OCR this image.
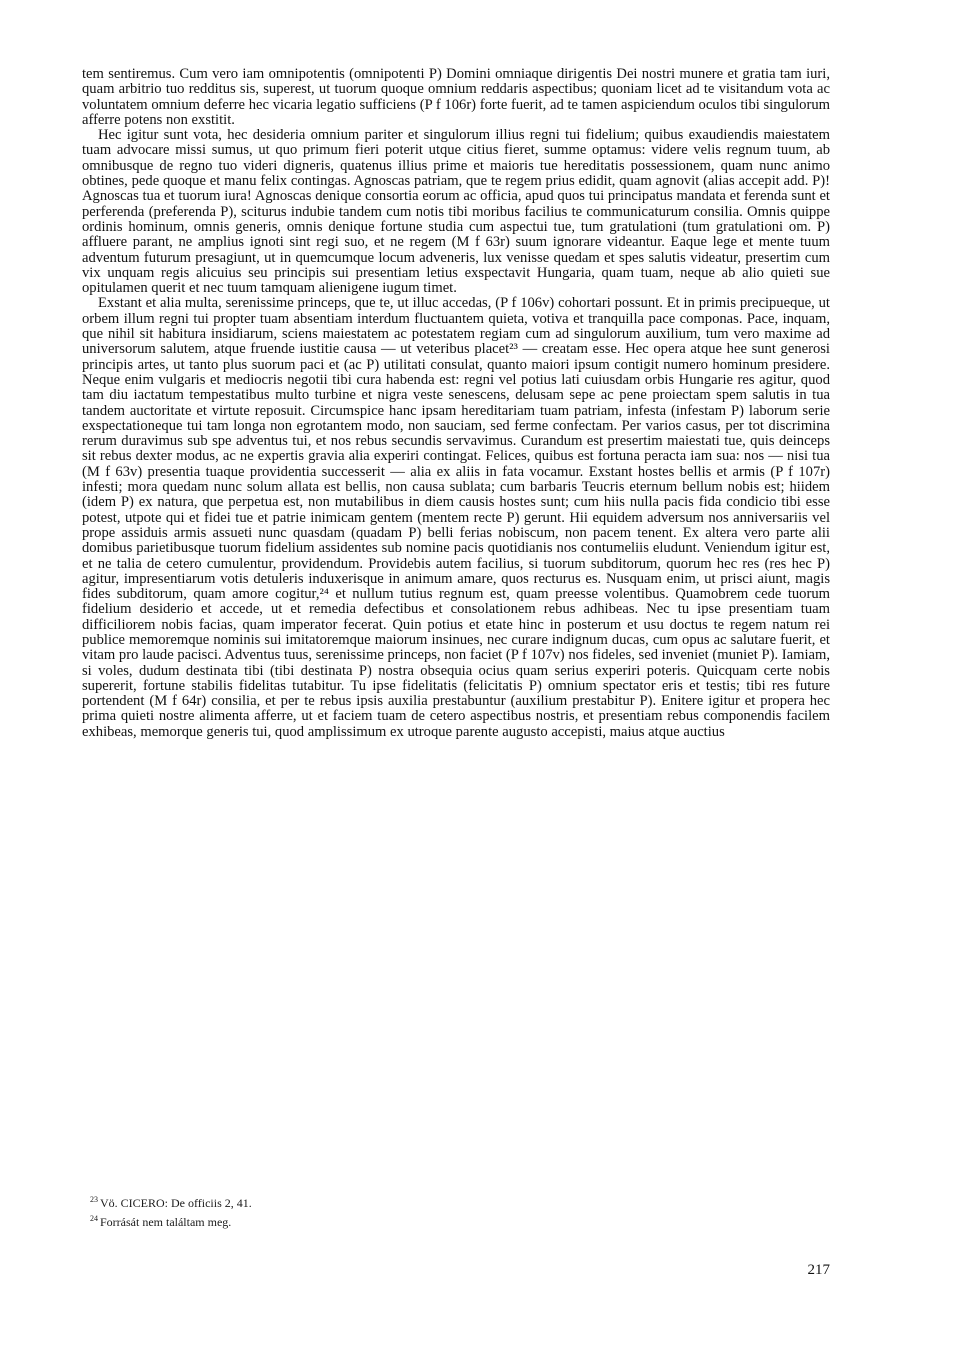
tem sentiremus. Cum vero iam omnipotentis (omnipotenti P) Domini omniaque dirigentis Dei nostri munere et gratia tam iuri, quam arbitrio tuo redditus sis, superest, ut tuorum quoque omnium reddaris aspectibus; quoniam licet ad te visitandum vota ac voluntatem omnium deferre hec vicaria legatio sufficiens (P f 106r) forte fuerit, ad te tamen aspiciendum oculos tibi singulorum afferre potens non exstitit.

Hec igitur sunt vota, hec desideria omnium pariter et singulorum illius regni tui fidelium; quibus exaudiendis maiestatem tuam advocare missi sumus, ut quo primum fieri poterit utque citius fieret, summe optamus: videre velis regnum tuum, ab omnibusque de regno tuo videri digneris, quatenus illius prime et maioris tue hereditatis possessionem, quam nunc animo obtines, pede quoque et manu felix contingas. Agnoscas patriam, que te regem prius edidit, quam agnovit (alias accepit add. P)! Agnoscas tua et tuorum iura! Agnoscas denique consortia eorum ac officia, apud quos tui principatus mandata et ferenda sunt et perferenda (preferenda P), sciturus indubie tandem cum notis tibi moribus facilius te communicaturum consilia. Omnis quippe ordinis hominum, omnis generis, omnis denique fortune studia cum aspectui tue, tum gratulationi (tum gratulationi om. P) affluere parant, ne amplius ignoti sint regi suo, et ne regem (M f 63r) suum ignorare videantur. Eaque lege et mente tuum adventum futurum presagiunt, ut in quemcumque locum adveneris, lux venisse quedam et spes salutis videatur, presertim cum vix unquam regis alicuius seu principis sui presentiam letius exspectavit Hungaria, quam tuam, neque ab alio quieti sue opitulamen querit et nec tuum tamquam alienigene iugum timet.

Exstant et alia multa, serenissime princeps, que te, ut illuc accedas, (P f 106v) cohortari possunt. Et in primis precipueque, ut orbem illum regni tui propter tuam absentiam interdum fluctuantem quieta, votiva et tranquilla pace componas. Pace, inquam, que nihil sit habitura insidiarum, sciens maiestatem ac potestatem regiam cum ad singulorum auxilium, tum vero maxime ad universorum salutem, atque fruende iustitie causa — ut veteribus placet²³ — creatam esse. Hec opera atque hee sunt generosi principis artes, ut tanto plus suorum paci et (ac P) utilitati consulat, quanto maiori ipsum contigit numero hominum presidere. Neque enim vulgaris et mediocris negotii tibi cura habenda est: regni vel potius lati cuiusdam orbis Hungarie res agitur, quod tam diu iactatum tempestatibus multo turbine et nigra veste senescens, delusam sepe ac pene proiectam spem salutis in tua tandem auctoritate et virtute reposuit. Circumspice hanc ipsam hereditariam tuam patriam, infesta (infestam P) laborum serie exspectationeque tui tam longa non egrotantem modo, non sauciam, sed ferme confectam. Per varios casus, per tot discrimina rerum duravimus sub spe adventus tui, et nos rebus secundis servavimus. Curandum est presertim maiestati tue, quis deinceps sit rebus dexter modus, ac ne expertis gravia alia experiri contingat. Felices, quibus est fortuna peracta iam sua: nos — nisi tua (M f 63v) presentia tuaque providentia successerit — alia ex aliis in fata vocamur. Exstant hostes bellis et armis (P f 107r) infesti; mora quedam nunc solum allata est bellis, non causa sublata; cum barbaris Teucris eternum bellum nobis est; hiidem (idem P) ex natura, que perpetua est, non mutabilibus in diem causis hostes sunt; cum hiis nulla pacis fida condicio tibi esse potest, utpote qui et fidei tue et patrie inimicam gentem (mentem recte P) gerunt. Hii equidem adversum nos anniversariis vel prope assiduis armis assueti nunc quasdam (quadam P) belli ferias nobiscum, non pacem tenent. Ex altera vero parte alii domibus parietibusque tuorum fidelium assidentes sub nomine pacis quotidianis nos contumeliis eludunt. Veniendum igitur est, et ne talia de cetero cumulentur, providendum. Providebis autem facilius, si tuorum subditorum, quorum hec res (res hec P) agitur, impresentiarum votis detuleris induxerisque in animum amare, quos recturus es. Nusquam enim, ut prisci aiunt, magis fides subditorum, quam amore cogitur,²⁴ et nullum tutius regnum est, quam preesse volentibus. Quamobrem cede tuorum fidelium desiderio et accede, ut et remedia defectibus et consolationem rebus adhibeas. Nec tu ipse presentiam tuam difficiliorem nobis facias, quam imperator fecerat. Quin potius et etate hinc in posterum et usu doctus te regem natum rei publice memoremque nominis sui imitatoremque maiorum insinues, nec curare indignum ducas, cum opus ac salutare fuerit, et vitam pro laude pacisci. Adventus tuus, serenissime princeps, non faciet (P f 107v) nos fideles, sed inveniet (muniet P). Iamiam, si voles, dudum destinata tibi (tibi destinata P) nostra obsequia ocius quam serius experiri poteris. Quicquam certe nobis supererit, fortune stabilis fidelitas tutabitur. Tu ipse fidelitatis (felicitatis P) omnium spectator eris et testis; tibi res future portendent (M f 64r) consilia, et per te rebus ipsis auxilia prestabuntur (auxilium prestabitur P). Enitere igitur et propera hec prima quieti nostre alimenta afferre, ut et faciem tuam de cetero aspectibus nostris, et presentiam rebus componendis facilem exhibeas, memorque generis tui, quod amplissimum ex utroque parente augusto accepisti, maius atque auctius

$^{23}$ Vö. CICERO: De officiis 2, 41.

$^{24}$ Forrását nem találtam meg.

217
